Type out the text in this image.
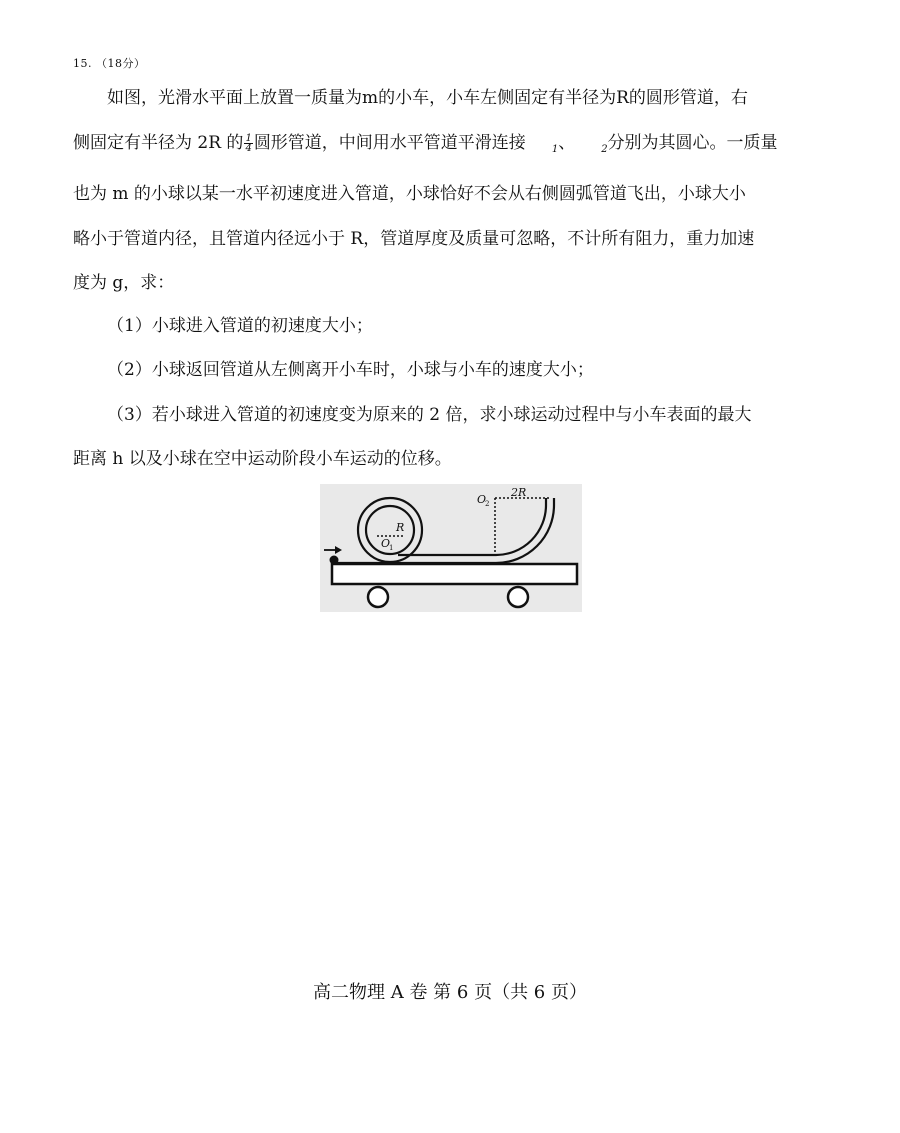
15. （18分）
如图，光滑水平面上放置一质量为m的小车，小车左侧固定有半径为R的圆形管道，右
侧固定有半径为 2R 的 $\frac{1}{4}$ 圆形管道，中间用水平管道平滑连接	1、	2分别为其圆心。一质量
也为 m 的小球以某一水平初速度进入管道，小球恰好不会从右侧圆弧管道飞出，小球大小
略小于管道内径，且管道内径远小于 R，管道厚度及质量可忽略，不计所有阻力，重力加速
度为 g，求：
（1）小球进入管道的初速度大小；
（2）小球返回管道从左侧离开小车时，小球与小车的速度大小；
（3）若小球进入管道的初速度变为原来的 2 倍，求小球运动过程中与小车表面的最大
距离 h 以及小球在空中运动阶段小车运动的位移。
O
2
2R
R
O
1
高二物理 A 卷 第 6 页（共 6 页）
